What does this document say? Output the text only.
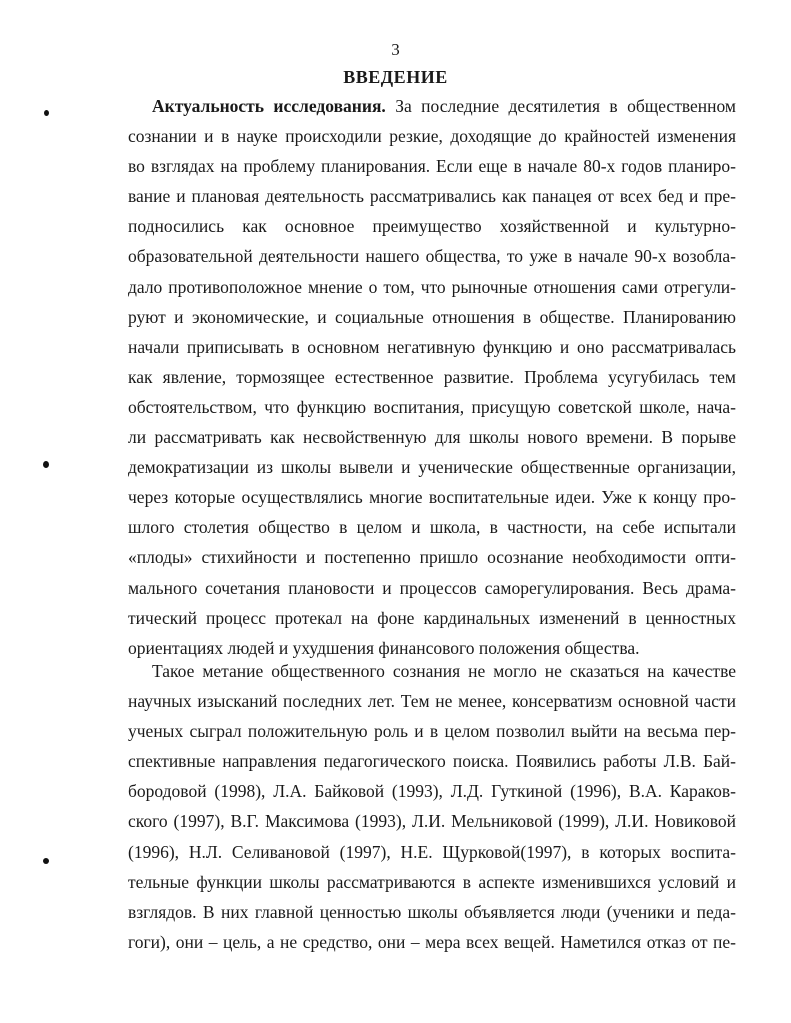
3
ВВЕДЕНИЕ
Актуальность исследования. За последние десятилетия в общественном
сознании и в науке происходили резкие, доходящие до крайностей изменения
во взглядах на проблему планирования. Если еще в начале 80-х годов планиро-
вание и плановая деятельность рассматривались как панацея от всех бед и пре-
подносились как основное преимущество хозяйственной и культурно-
образовательной деятельности нашего общества, то уже в начале 90-х возобла-
дало противоположное мнение о том, что рыночные отношения сами отрегули-
руют и экономические, и социальные отношения в обществе. Планированию
начали приписывать в основном негативную функцию и оно рассматривалась
как явление, тормозящее естественное развитие. Проблема усугубилась тем
обстоятельством, что функцию воспитания, присущую советской школе, нача-
ли рассматривать как несвойственную для школы нового времени. В порыве
демократизации из школы вывели и ученические общественные организации,
через которые осуществлялись многие воспитательные идеи. Уже к концу про-
шлого столетия общество в целом и школа, в частности, на себе испытали
«плоды» стихийности и постепенно пришло осознание необходимости опти-
мального сочетания плановости и процессов саморегулирования. Весь драма-
тический процесс протекал на фоне кардинальных изменений в ценностных
ориентациях людей и ухудшения финансового положения общества.
Такое метание общественного сознания не могло не сказаться на качестве
научных изысканий последних лет. Тем не менее, консерватизм основной части
ученых сыграл положительную роль и в целом позволил выйти на весьма пер-
спективные направления педагогического поиска. Появились работы Л.В. Бай-
бородовой (1998), Л.А. Байковой (1993), Л.Д. Гуткиной (1996), В.А. Караков-
ского (1997), В.Г. Максимова (1993), Л.И. Мельниковой (1999), Л.И. Новиковой
(1996), Н.Л. Селивановой (1997), Н.Е. Щурковой(1997), в которых воспита-
тельные функции школы рассматриваются в аспекте изменившихся условий и
взглядов. В них главной ценностью школы объявляется люди (ученики и педа-
гоги), они – цель, а не средство, они – мера всех вещей. Наметился отказ от пе-
